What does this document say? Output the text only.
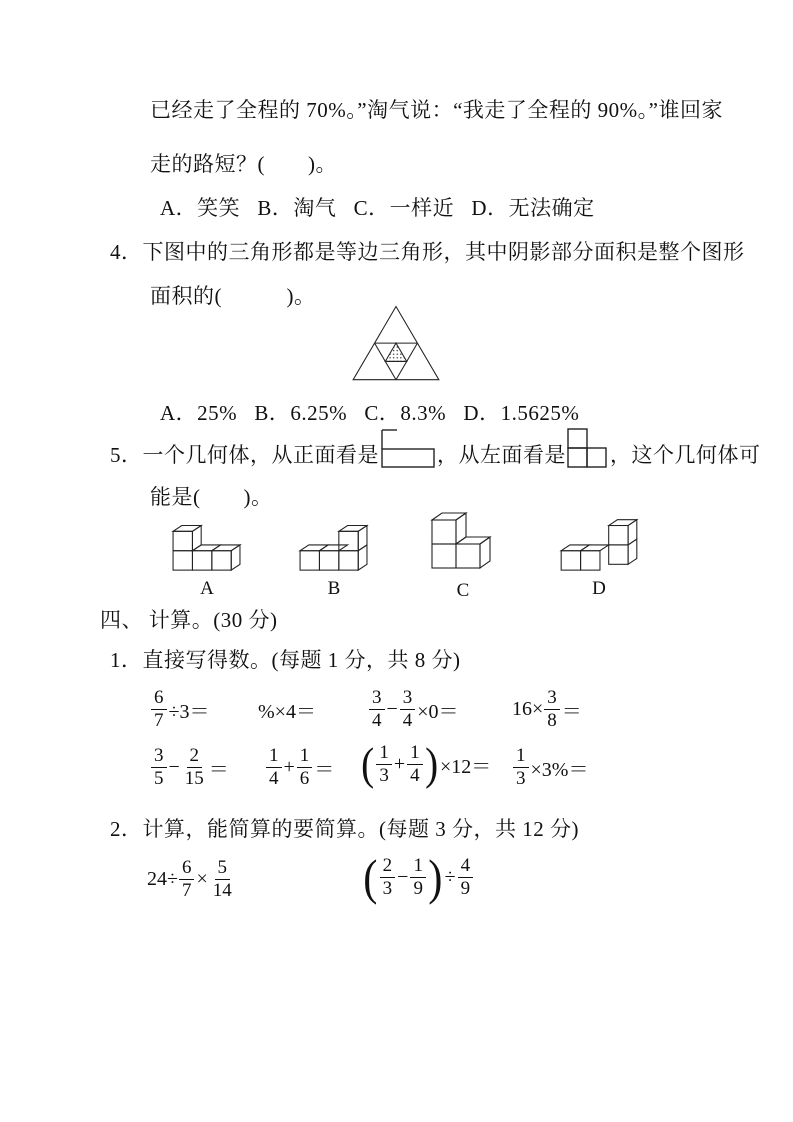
已经走了全程的 70%。”淘气说：“我走了全程的 90%。”谁回家
走的路短？(　　)。
A．笑笑   B．淘气   C．一样近   D．无法确定
4．下图中的三角形都是等边三角形，其中阴影部分面积是整个图形
面积的(　　　)。
A．25%   B．6.25%   C．8.3%   D．1.5625%
5．一个几何体，从正面看是	，从左面看是 ，这个几何体可
能是(　　)。
A	B	C	D
四、 计算。(30 分)
1．直接写得数。(每题 1 分，共 8 分)
$\frac{6}{7} \div 3= \%\times 4=$	$\frac{3}{4} - \frac{3}{4} \times 0=$	$16\times \frac{3}{8}$ ＝
$\frac{3}{5} - \frac{2}{15} = \frac{1}{4} + \frac{1}{6}$ ＝ ( $\frac{1}{3} + \frac{1}{4}$ ) $\times 12= \frac{1}{3} \times 3\%=$
2．计算，能简算的要简算。(每题 3 分，共 12 分)
$24\div \frac{6}{7} \times \frac{5}{14}$	( $\frac{2}{3} - \frac{1}{9}$ ) ÷ $\frac{4}{9}$
